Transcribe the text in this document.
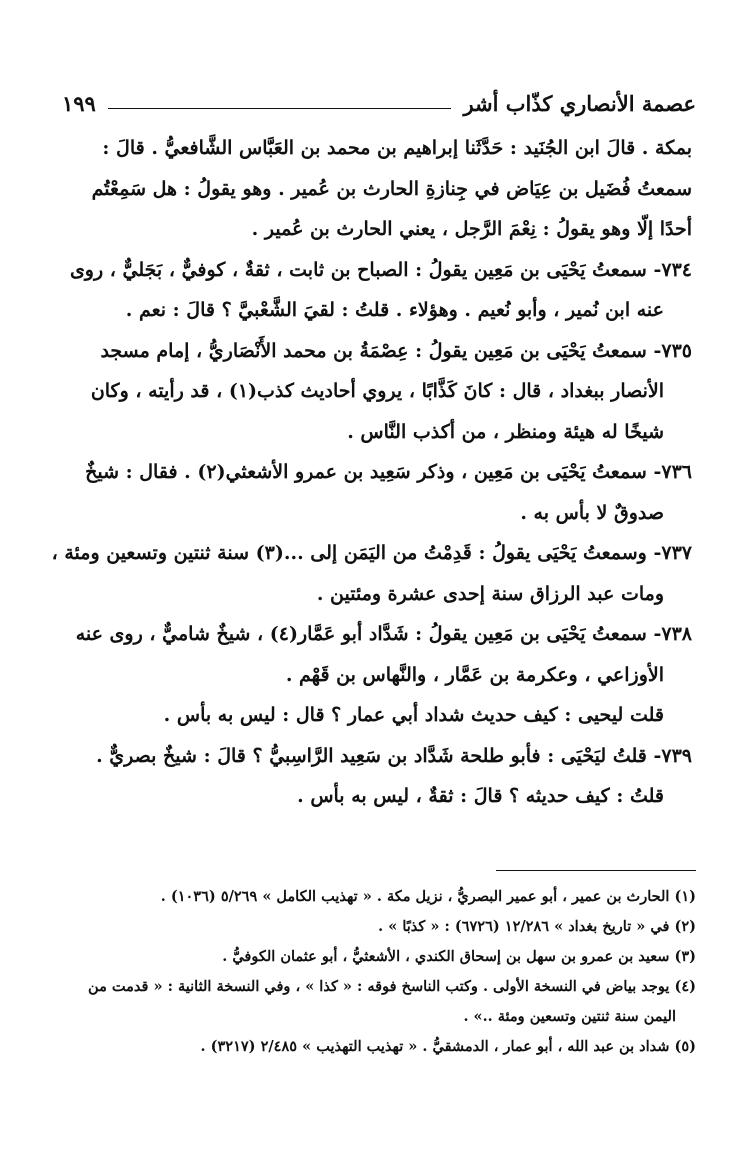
عصمة الأنصاري كذّاب أشر
١٩٩

بمكة . قالَ ابن الجُنَيد : حَدَّثَنا إبراهيم بن محمد بن العَبَّاس الشَّافعيُّ . قالَ :

سمعتُ فُضَيل بن عِيَاض في جِنازةِ الحارث بن عُمير . وهو يقولُ : هل سَمِعْتُم

أحدًا إلّا وهو يقولُ : نِعْمَ الرَّجل ، يعني الحارث بن عُمير .

٧٣٤- سمعتُ يَحْيَى بن مَعِين يقولُ : الصباح بن ثابت ، ثقةٌ ، كوفيٌّ ، بَجَليٌّ ، روى

عنه ابن نُمير ، وأبو نُعيم . وهؤلاء . قلتُ : لقيَ الشَّعْبيَّ ؟ قالَ : نعم .

٧٣٥- سمعتُ يَحْيَى بن مَعِين يقولُ : عِصْمَةُ بن محمد الأَنْصَاريُّ ، إمام مسجد

الأنصار ببغداد ، قال : كانَ كَذَّابًا ، يروي أحاديث كذب(١) ، قد رأيته ، وكان

شيخًا له هيئة ومنظر ، من أكذب النَّاس .

٧٣٦- سمعتُ يَحْيَى بن مَعِين ، وذكر سَعِيد بن عمرو الأشعثي(٢) . فقال : شيخٌ

صدوقٌ لا بأس به .

٧٣٧- وسمعتُ يَحْيَى يقولُ : قَدِمْتُ من اليَمَن إلى ...(٣) سنة ثنتين وتسعين ومئة ،

ومات عبد الرزاق سنة إحدى عشرة ومئتين .

٧٣٨- سمعتُ يَحْيَى بن مَعِين يقولُ : شَدَّاد أبو عَمَّار(٤) ، شيخٌ شاميٌّ ، روى عنه

الأوزاعي ، وعكرمة بن عَمَّار ، والنَّهاس بن قَهْم .

قلت ليحيى : كيف حديث شداد أبي عمار ؟ قال : ليس به بأس .

٧٣٩- قلتُ ليَحْيَى : فأبو طلحة شَدَّاد بن سَعِيد الرَّاسِبيُّ ؟ قالَ : شيخٌ بصريٌّ .

قلتُ : كيف حديثه ؟ قالَ : ثقةٌ ، ليس به بأس .

(١) الحارث بن عمير ، أبو عمير البصريُّ ، نزيل مكة . « تهذيب الكامل » ٥/٢٦٩ (١٠٣٦) .

(٢) في « تاريخ بغداد » ١٢/٢٨٦ (٦٧٢٦) : « كذبًا » .

(٣) سعيد بن عمرو بن سهل بن إسحاق الكندي ، الأشعثيُّ ، أبو عثمان الكوفيُّ .

(٤) يوجد بياض في النسخة الأولى . وكتب الناسخ فوقه : « كذا » ، وفي النسخة الثانية : « قدمت من

اليمن سنة ثنتين وتسعين ومئة ..» .

(٥) شداد بن عبد الله ، أبو عمار ، الدمشقيُّ . « تهذيب التهذيب » ٢/٤٨٥ (٣٢١٧) .
